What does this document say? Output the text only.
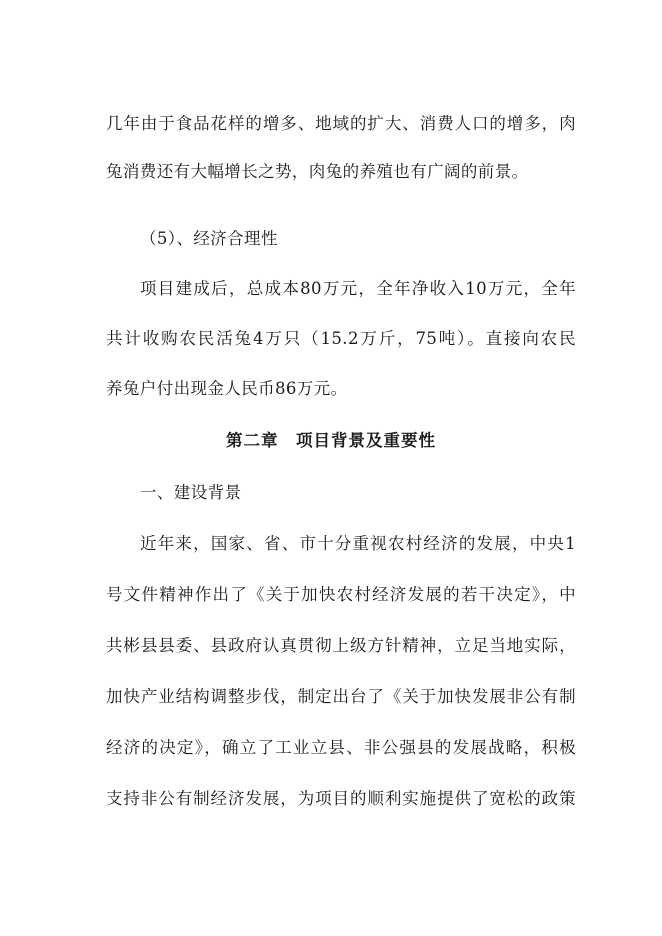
几年由于食品花样的增多、地域的扩大、消费人口的增多，肉
兔消费还有大幅增长之势，肉兔的养殖也有广阔的前景。
（5）、经济合理性
项目建成后，总成本80万元，全年净收入10万元，全年
共计收购农民活兔4万只（15.2万斤，75吨）。直接向农民
养兔户付出现金人民币86万元。
第二章　项目背景及重要性
一、建设背景
近年来，国家、省、市十分重视农村经济的发展，中央1
号文件精神作出了《关于加快农村经济发展的若干决定》，中
共彬县县委、县政府认真贯彻上级方针精神，立足当地实际，
加快产业结构调整步伐，制定出台了《关于加快发展非公有制
经济的决定》，确立了工业立县、非公强县的发展战略，积极
支持非公有制经济发展，为项目的顺利实施提供了宽松的政策
